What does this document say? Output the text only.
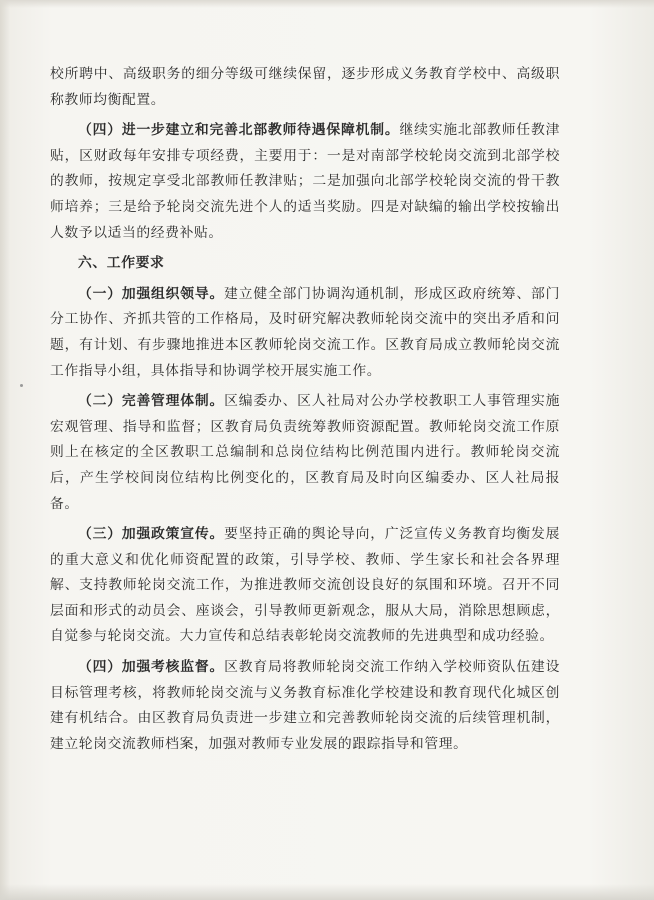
校所聘中、高级职务的细分等级可继续保留，逐步形成义务教育学校中、高级职称教师均衡配置。

（四）进一步建立和完善北部教师待遇保障机制。继续实施北部教师任教津贴，区财政每年安排专项经费，主要用于：一是对南部学校轮岗交流到北部学校的教师，按规定享受北部教师任教津贴；二是加强向北部学校轮岗交流的骨干教师培养；三是给予轮岗交流先进个人的适当奖励。四是对缺编的输出学校按输出人数予以适当的经费补贴。

六、工作要求

（一）加强组织领导。建立健全部门协调沟通机制，形成区政府统筹、部门分工协作、齐抓共管的工作格局，及时研究解决教师轮岗交流中的突出矛盾和问题，有计划、有步骤地推进本区教师轮岗交流工作。区教育局成立教师轮岗交流工作指导小组，具体指导和协调学校开展实施工作。

（二）完善管理体制。区编委办、区人社局对公办学校教职工人事管理实施宏观管理、指导和监督；区教育局负责统筹教师资源配置。教师轮岗交流工作原则上在核定的全区教职工总编制和总岗位结构比例范围内进行。教师轮岗交流后，产生学校间岗位结构比例变化的，区教育局及时向区编委办、区人社局报备。

（三）加强政策宣传。要坚持正确的舆论导向，广泛宣传义务教育均衡发展的重大意义和优化师资配置的政策，引导学校、教师、学生家长和社会各界理解、支持教师轮岗交流工作，为推进教师交流创设良好的氛围和环境。召开不同层面和形式的动员会、座谈会，引导教师更新观念，服从大局，消除思想顾虑，自觉参与轮岗交流。大力宣传和总结表彰轮岗交流教师的先进典型和成功经验。

（四）加强考核监督。区教育局将教师轮岗交流工作纳入学校师资队伍建设目标管理考核，将教师轮岗交流与义务教育标准化学校建设和教育现代化城区创建有机结合。由区教育局负责进一步建立和完善教师轮岗交流的后续管理机制，建立轮岗交流教师档案，加强对教师专业发展的跟踪指导和管理。
